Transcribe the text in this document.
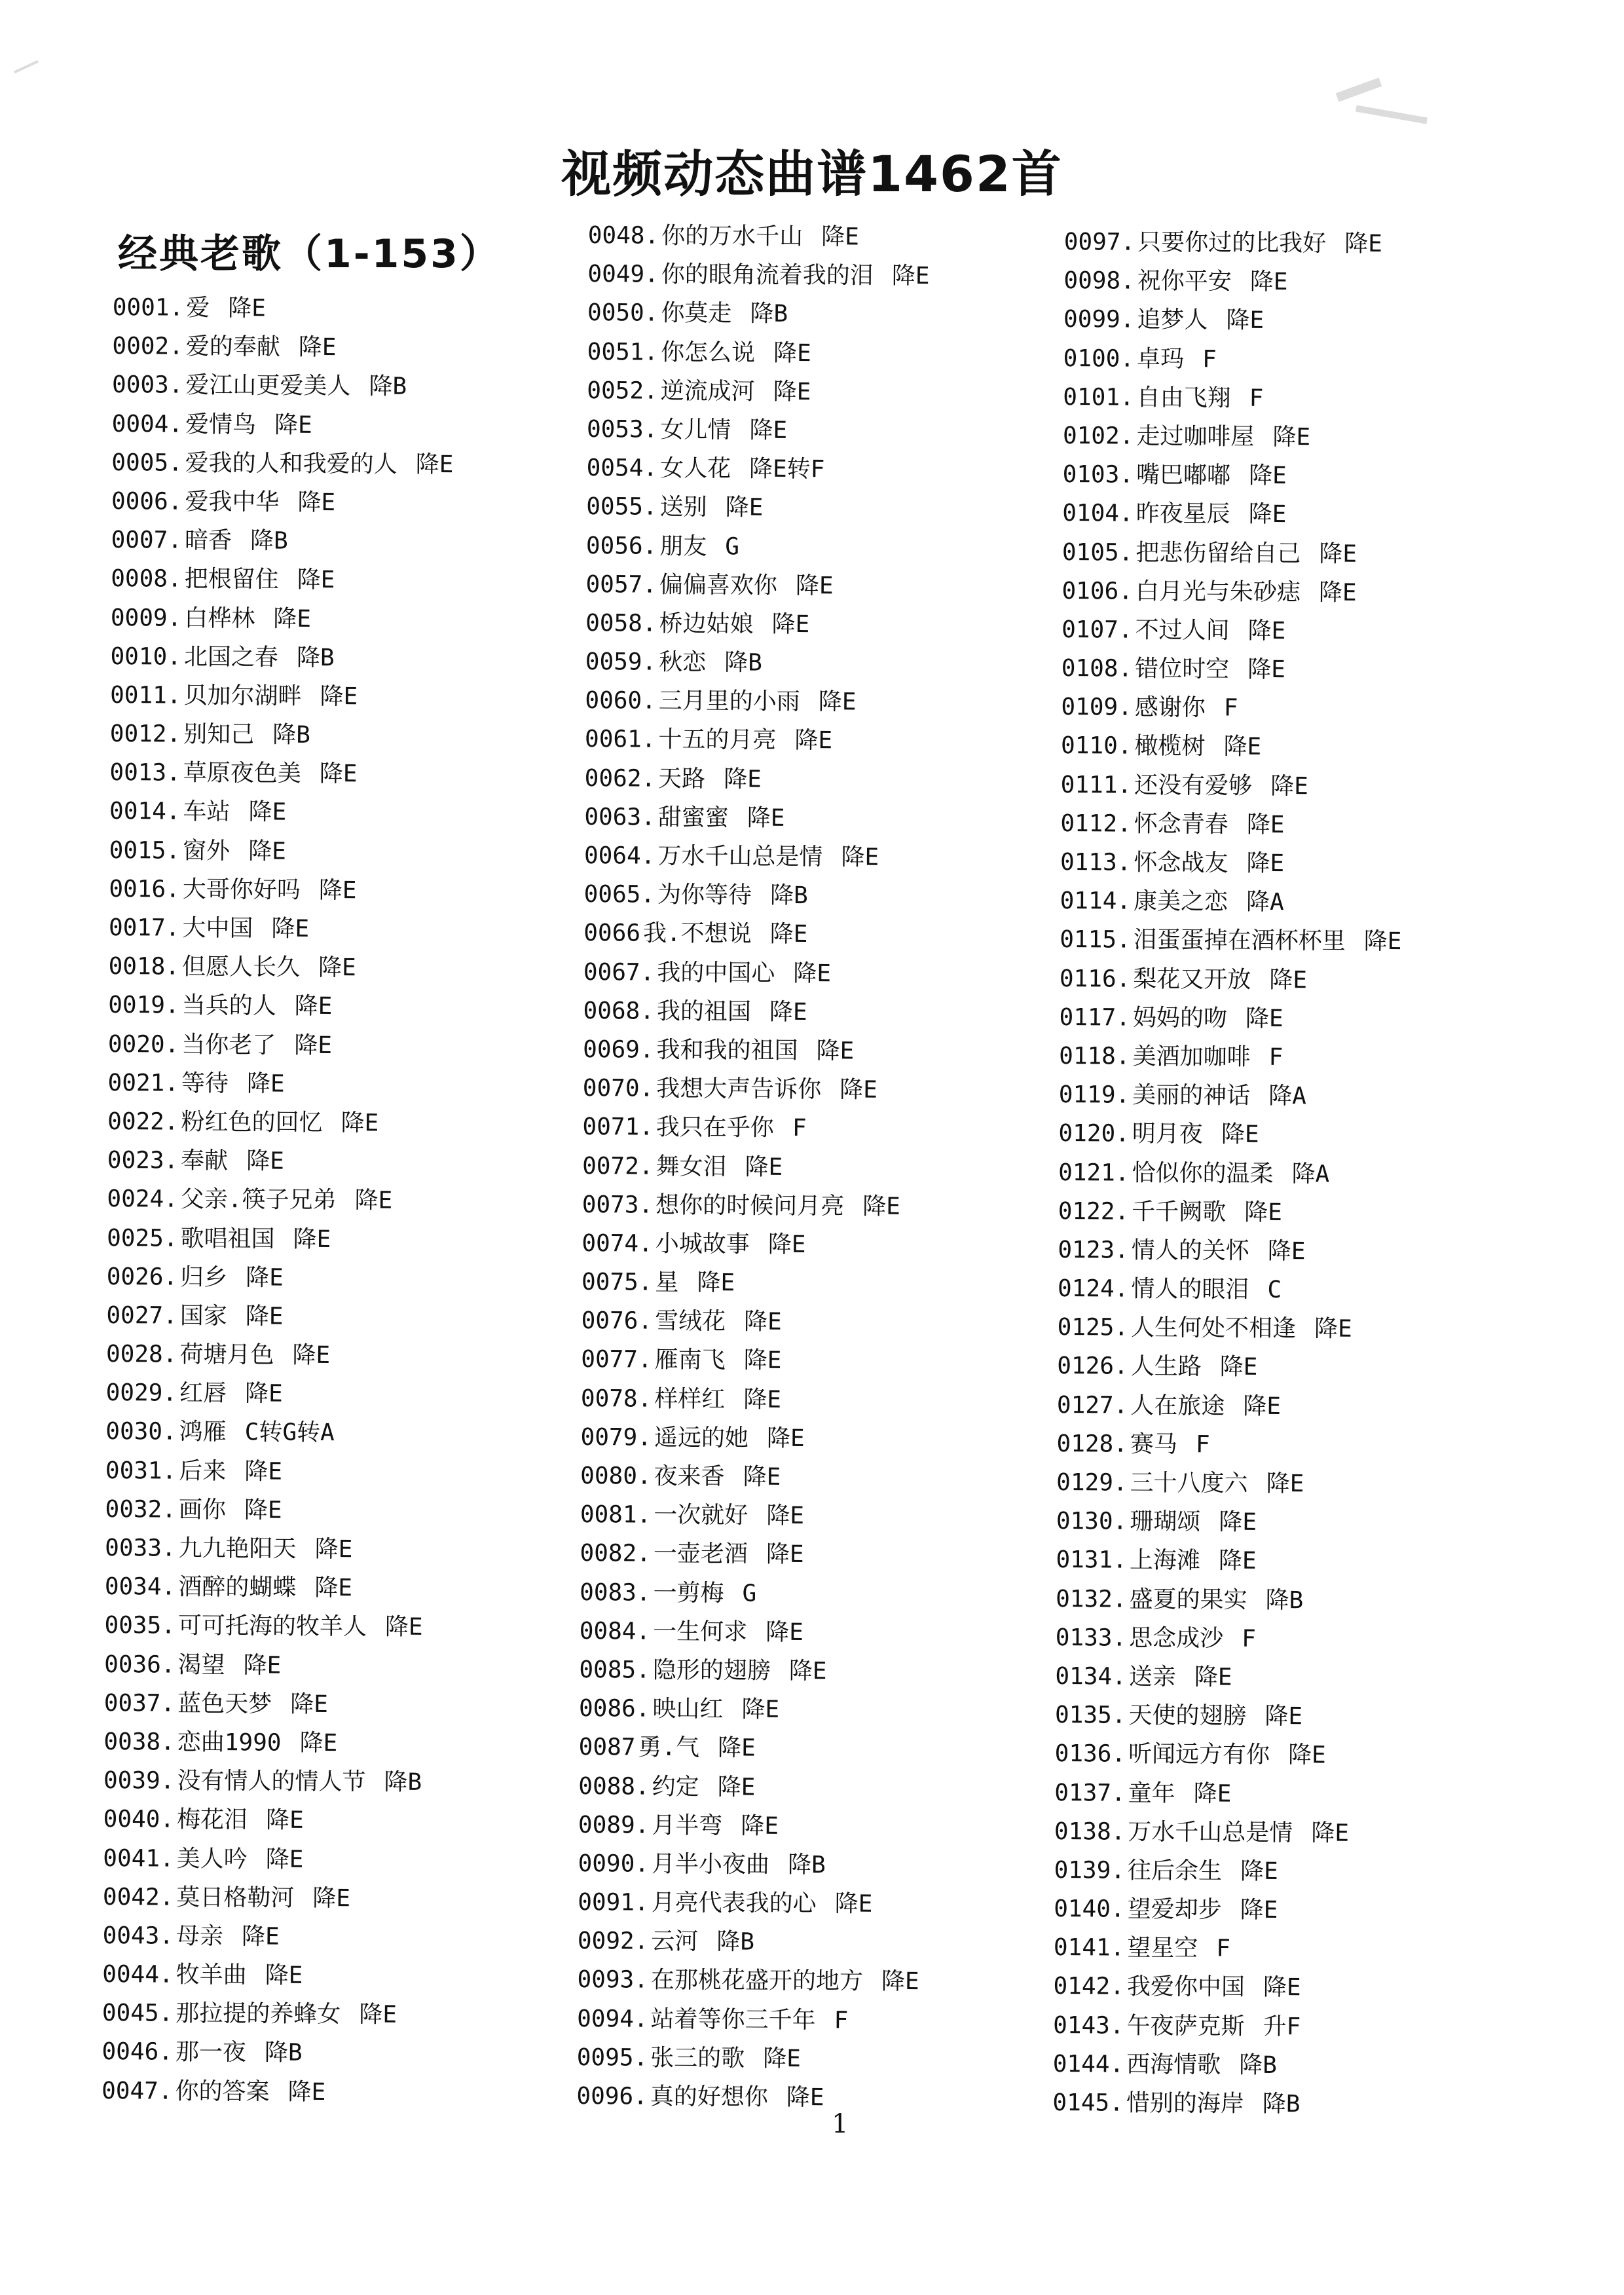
视频动态曲谱1462首
经典老歌（1-153）
0001. 爱 降E
0002. 爱的奉献 降E
0003. 爱江山更爱美人 降B
0004. 爱情鸟 降E
0005. 爱我的人和我爱的人 降E
0006. 爱我中华 降E
0007. 暗香 降B
0008. 把根留住 降E
0009. 白桦林 降E
0010. 北国之春 降B
0011. 贝加尔湖畔 降E
0012. 别知己 降B
0013. 草原夜色美 降E
0014. 车站 降E
0015. 窗外 降E
0016. 大哥你好吗 降E
0017. 大中国 降E
0018. 但愿人长久 降E
0019. 当兵的人 降E
0020. 当你老了 降E
0021. 等待 降E
0022. 粉红色的回忆 降E
0023. 奉献 降E
0024. 父亲.筷子兄弟 降E
0025. 歌唱祖国 降E
0026. 归乡 降E
0027. 国家 降E
0028. 荷塘月色 降E
0029. 红唇 降E
0030. 鸿雁 C转G转A
0031. 后来 降E
0032. 画你 降E
0033. 九九艳阳天 降E
0034. 酒醉的蝴蝶 降E
0035. 可可托海的牧羊人 降E
0036. 渴望 降E
0037. 蓝色天梦 降E
0038. 恋曲1990 降E
0039. 没有情人的情人节 降B
0040. 梅花泪 降E
0041. 美人吟 降E
0042. 莫日格勒河 降E
0043. 母亲 降E
0044. 牧羊曲 降E
0045. 那拉提的养蜂女 降E
0046. 那一夜 降B
0047. 你的答案 降E
0048. 你的万水千山 降E
0049. 你的眼角流着我的泪 降E
0050. 你莫走 降B
0051. 你怎么说 降E
0052. 逆流成河 降E
0053. 女儿情 降E
0054. 女人花 降E转F
0055. 送别 降E
0056. 朋友 G
0057. 偏偏喜欢你 降E
0058. 桥边姑娘 降E
0059. 秋恋 降B
0060. 三月里的小雨 降E
0061. 十五的月亮 降E
0062. 天路 降E
0063. 甜蜜蜜 降E
0064. 万水千山总是情 降E
0065. 为你等待 降B
0066 我.不想说 降E
0067. 我的中国心 降E
0068. 我的祖国 降E
0069. 我和我的祖国 降E
0070. 我想大声告诉你 降E
0071. 我只在乎你 F
0072. 舞女泪 降E
0073. 想你的时候问月亮 降E
0074. 小城故事 降E
0075. 星 降E
0076. 雪绒花 降E
0077. 雁南飞 降E
0078. 样样红 降E
0079. 遥远的她 降E
0080. 夜来香 降E
0081. 一次就好 降E
0082. 一壶老酒 降E
0083. 一剪梅 G
0084. 一生何求 降E
0085. 隐形的翅膀 降E
0086. 映山红 降E
0087 勇.气 降E
0088. 约定 降E
0089. 月半弯 降E
0090. 月半小夜曲 降B
0091. 月亮代表我的心 降E
0092. 云河 降B
0093. 在那桃花盛开的地方 降E
0094. 站着等你三千年 F
0095. 张三的歌 降E
0096. 真的好想你 降E
0097. 只要你过的比我好 降E
0098. 祝你平安 降E
0099. 追梦人 降E
0100. 卓玛 F
0101. 自由飞翔 F
0102. 走过咖啡屋 降E
0103. 嘴巴嘟嘟 降E
0104. 昨夜星辰 降E
0105. 把悲伤留给自己 降E
0106. 白月光与朱砂痣 降E
0107. 不过人间 降E
0108. 错位时空 降E
0109. 感谢你 F
0110. 橄榄树 降E
0111. 还没有爱够 降E
0112. 怀念青春 降E
0113. 怀念战友 降E
0114. 康美之恋 降A
0115. 泪蛋蛋掉在酒杯杯里 降E
0116. 梨花又开放 降E
0117. 妈妈的吻 降E
0118. 美酒加咖啡 F
0119. 美丽的神话 降A
0120. 明月夜 降E
0121. 恰似你的温柔 降A
0122. 千千阙歌 降E
0123. 情人的关怀 降E
0124. 情人的眼泪 C
0125. 人生何处不相逢 降E
0126. 人生路 降E
0127. 人在旅途 降E
0128. 赛马 F
0129. 三十八度六 降E
0130. 珊瑚颂 降E
0131. 上海滩 降E
0132. 盛夏的果实 降B
0133. 思念成沙 F
0134. 送亲 降E
0135. 天使的翅膀 降E
0136. 听闻远方有你 降E
0137. 童年 降E
0138. 万水千山总是情 降E
0139. 往后余生 降E
0140. 望爱却步 降E
0141. 望星空 F
0142. 我爱你中国 降E
0143. 午夜萨克斯 升F
0144. 西海情歌 降B
0145. 惜别的海岸 降B
1
